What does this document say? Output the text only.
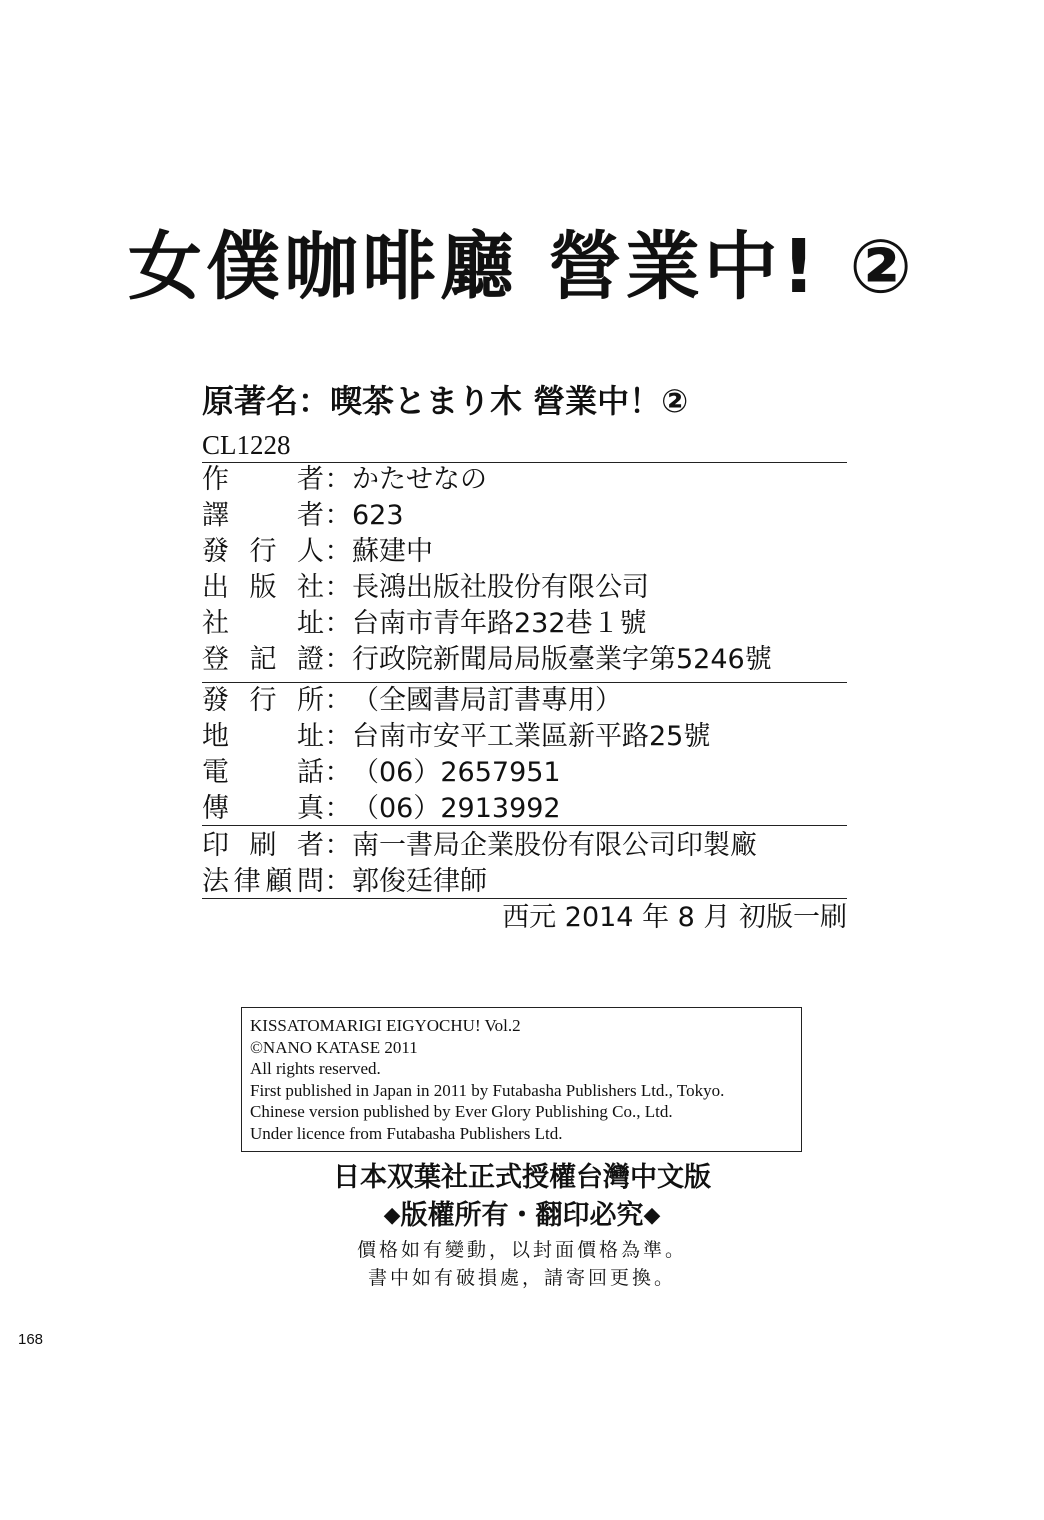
女僕咖啡廳 營業中! ②
原著名：喫茶とまり木 營業中！②
CL1228
作	者 ： かたせなの
譯	者 ： 623
發 行 人 ： 蘇建中
出 版 社 ： 長鴻出版社股份有限公司
社	址 ： 台南市青年路232巷１號
登 記 證 ： 行政院新聞局局版臺業字第5246號
發 行 所 ： （全國書局訂書專用）
地	址 ： 台南市安平工業區新平路25號
電	話 ： （06）2657951
傳	真 ： （06）2913992
印 刷 者 ： 南一書局企業股份有限公司印製廠
法 律 顧 問 ： 郭俊廷律師
西元 2014 年 8 月 初版一刷
KISSATOMARIGI EIGYOCHU! Vol.2
©NANO KATASE 2011
All rights reserved.
First published in Japan in 2011 by Futabasha Publishers Ltd., Tokyo.
Chinese version published by Ever Glory Publishing Co., Ltd.
Under licence from Futabasha Publishers Ltd.
日本双葉社正式授權台灣中文版
◆版權所有・翻印必究◆
價格如有變動，以封面價格為準。
書中如有破損處，請寄回更換。
168
